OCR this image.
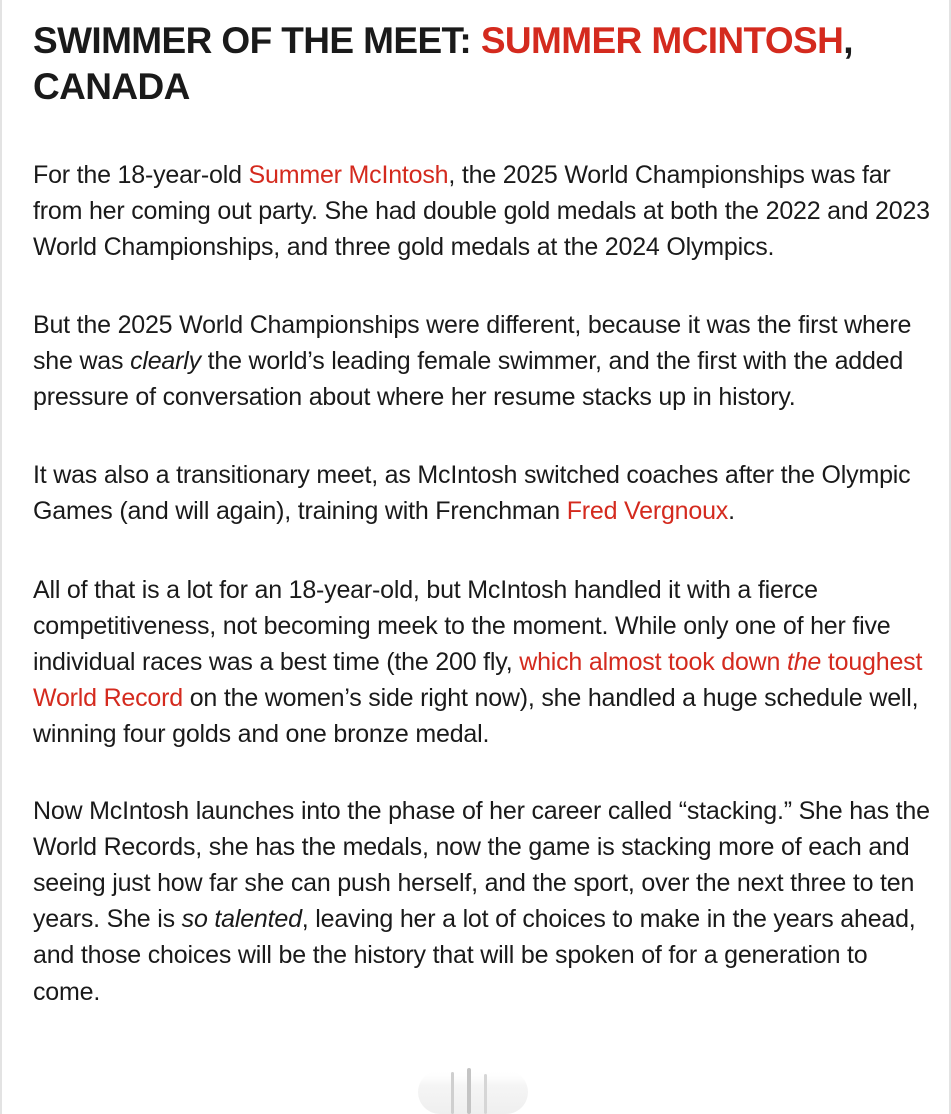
SWIMMER OF THE MEET: SUMMER MCINTOSH,
CANADA

For the 18-year-old Summer McIntosh, the 2025 World Championships was far from her coming out party. She had double gold medals at both the 2022 and 2023 World Championships, and three gold medals at the 2024 Olympics.

But the 2025 World Championships were different, because it was the first where she was clearly the world’s leading female swimmer, and the first with the added pressure of conversation about where her resume stacks up in history.

It was also a transitionary meet, as McIntosh switched coaches after the Olympic Games (and will again), training with Frenchman Fred Vergnoux.

All of that is a lot for an 18-year-old, but McIntosh handled it with a fierce competitiveness, not becoming meek to the moment. While only one of her five individual races was a best time (the 200 fly, which almost took down the toughest World Record on the women’s side right now), she handled a huge schedule well, winning four golds and one bronze medal.

Now McIntosh launches into the phase of her career called “stacking.” She has the World Records, she has the medals, now the game is stacking more of each and seeing just how far she can push herself, and the sport, over the next three to ten years. She is so talented, leaving her a lot of choices to make in the years ahead, and those choices will be the history that will be spoken of for a generation to come.
